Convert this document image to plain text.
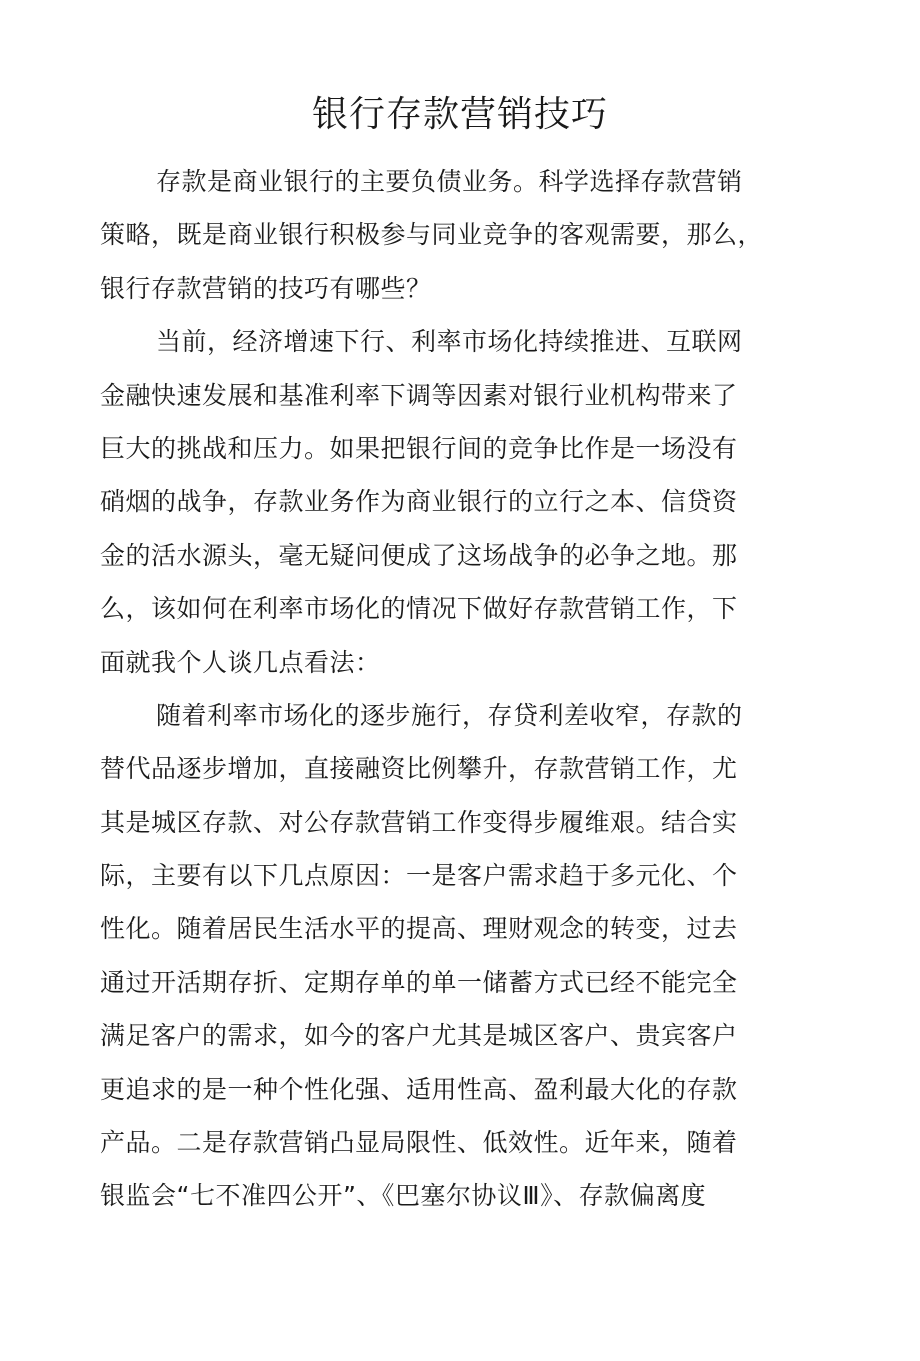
银行存款营销技巧
存款是商业银行的主要负债业务。科学选择存款营销
策略，既是商业银行积极参与同业竞争的客观需要，那么，
银行存款营销的技巧有哪些？
当前，经济增速下行、利率市场化持续推进、互联网
金融快速发展和基准利率下调等因素对银行业机构带来了
巨大的挑战和压力。如果把银行间的竞争比作是一场没有
硝烟的战争，存款业务作为商业银行的立行之本、信贷资
金的活水源头，毫无疑问便成了这场战争的必争之地。那
么，该如何在利率市场化的情况下做好存款营销工作，下
面就我个人谈几点看法：
随着利率市场化的逐步施行，存贷利差收窄，存款的
替代品逐步增加，直接融资比例攀升，存款营销工作，尤
其是城区存款、对公存款营销工作变得步履维艰。结合实
际，主要有以下几点原因：一是客户需求趋于多元化、个
性化。随着居民生活水平的提高、理财观念的转变，过去
通过开活期存折、定期存单的单一储蓄方式已经不能完全
满足客户的需求，如今的客户尤其是城区客户、贵宾客户
更追求的是一种个性化强、适用性高、盈利最大化的存款
产品。二是存款营销凸显局限性、低效性。近年来，随着
银监会“七不准四公开”、《巴塞尔协议Ⅲ》、存款偏离度
